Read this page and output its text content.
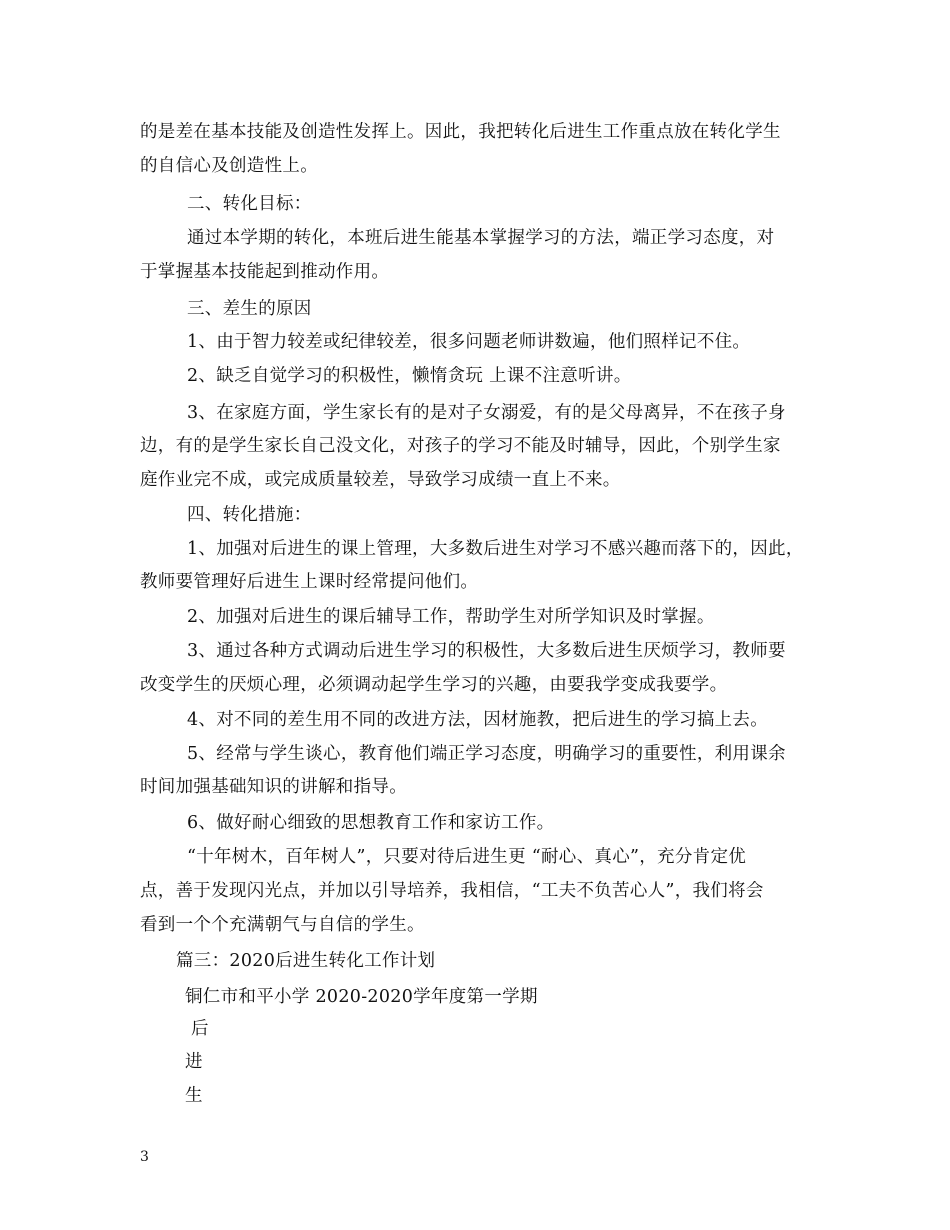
的是差在基本技能及创造性发挥上。因此，我把转化后进生工作重点放在转化学生
的自信心及创造性上。
二、转化目标：
通过本学期的转化，本班后进生能基本掌握学习的方法，端正学习态度，对
于掌握基本技能起到推动作用。
三、差生的原因
1、由于智力较差或纪律较差，很多问题老师讲数遍，他们照样记不住。
2、缺乏自觉学习的积极性，懒惰贪玩 上课不注意听讲。
3、在家庭方面，学生家长有的是对子女溺爱，有的是父母离异，不在孩子身
边，有的是学生家长自己没文化，对孩子的学习不能及时辅导，因此，个别学生家
庭作业完不成，或完成质量较差，导致学习成绩一直上不来。
四、转化措施：
1、加强对后进生的课上管理，大多数后进生对学习不感兴趣而落下的，因此，
教师要管理好后进生上课时经常提问他们。
2、加强对后进生的课后辅导工作，帮助学生对所学知识及时掌握。
3、通过各种方式调动后进生学习的积极性，大多数后进生厌烦学习，教师要
改变学生的厌烦心理，必须调动起学生学习的兴趣，由要我学变成我要学。
4、对不同的差生用不同的改进方法，因材施教，把后进生的学习搞上去。
5、经常与学生谈心，教育他们端正学习态度，明确学习的重要性，利用课余
时间加强基础知识的讲解和指导。
6、做好耐心细致的思想教育工作和家访工作。
“十年树木，百年树人”，只要对待后进生更 “耐心、真心”，充分肯定优
点，善于发现闪光点，并加以引导培养，我相信，“工夫不负苦心人”，我们将会
看到一个个充满朝气与自信的学生。
篇三：2020后进生转化工作计划
铜仁市和平小学 2020-2020学年度第一学期
后
进
生
3
